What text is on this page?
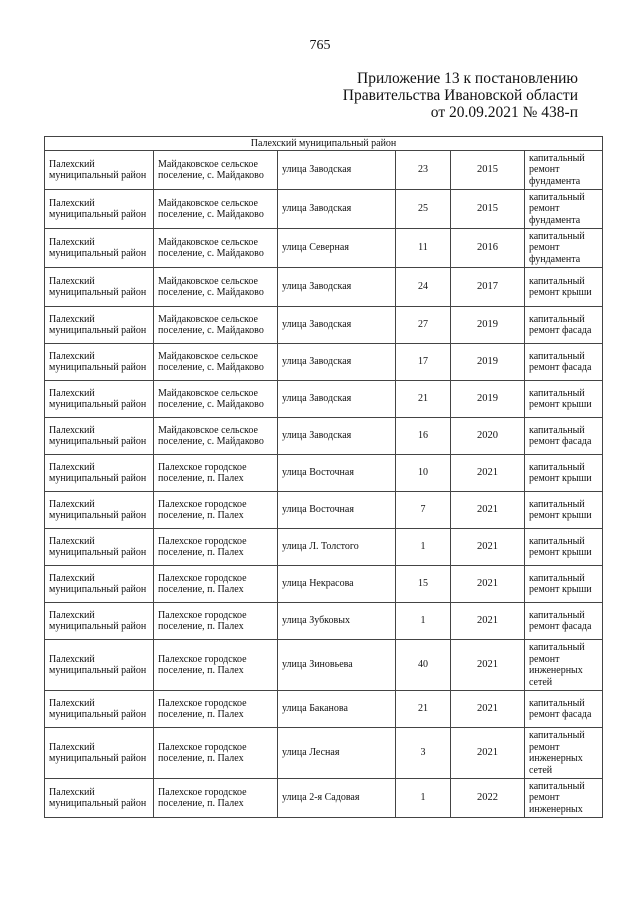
765
Приложение 13 к постановлению
Правительства Ивановской области
от 20.09.2021 № 438-п
Палехский муниципальный район					
Палехский муниципальный район	Майдаковское сельское поселение, с. Майдаково	улица Заводская	23	2015	капитальный ремонт фундамента
Палехский муниципальный район	Майдаковское сельское поселение, с. Майдаково	улица Заводская	25	2015	капитальный ремонт фундамента
Палехский муниципальный район	Майдаковское сельское поселение, с. Майдаково	улица Северная	11	2016	капитальный ремонт фундамента
Палехский муниципальный район	Майдаковское сельское поселение, с. Майдаково	улица Заводская	24	2017	капитальный ремонт крыши
Палехский муниципальный район	Майдаковское сельское поселение, с. Майдаково	улица Заводская	27	2019	капитальный ремонт фасада
Палехский муниципальный район	Майдаковское сельское поселение, с. Майдаково	улица Заводская	17	2019	капитальный ремонт фасада
Палехский муниципальный район	Майдаковское сельское поселение, с. Майдаково	улица Заводская	21	2019	капитальный ремонт крыши
Палехский муниципальный район	Майдаковское сельское поселение, с. Майдаково	улица Заводская	16	2020	капитальный ремонт фасада
Палехский муниципальный район	Палехское городское поселение, п. Палех	улица Восточная	10	2021	капитальный ремонт крыши
Палехский муниципальный район	Палехское городское поселение, п. Палех	улица Восточная	7	2021	капитальный ремонт крыши
Палехский муниципальный район	Палехское городское поселение, п. Палех	улица Л. Толстого	1	2021	капитальный ремонт крыши
Палехский муниципальный район	Палехское городское поселение, п. Палех	улица Некрасова	15	2021	капитальный ремонт крыши
Палехский муниципальный район	Палехское городское поселение, п. Палех	улица Зубковых	1	2021	капитальный ремонт фасада
Палехский муниципальный район	Палехское городское поселение, п. Палех	улица Зиновьева	40	2021	капитальный ремонт инженерных сетей
Палехский муниципальный район	Палехское городское поселение, п. Палех	улица Баканова	21	2021	капитальный ремонт фасада
Палехский муниципальный район	Палехское городское поселение, п. Палех	улица Лесная	3	2021	капитальный ремонт инженерных сетей
Палехский муниципальный район	Палехское городское поселение, п. Палех	улица 2-я Садовая	1	2022	капитальный ремонт инженерных
